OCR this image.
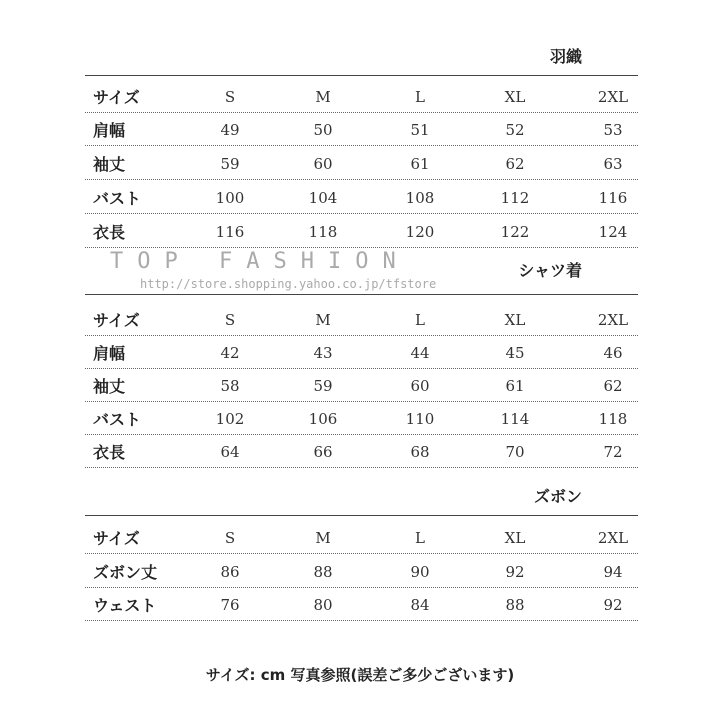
羽織
サイズ	S	M	L	XL	2XL
肩幅	49	50	51	52	53
袖丈	59	60	61	62	63
バスト	100	104	108	112	116
衣長	116	118	120	122	124
シャツ着
サイズ	S	M	L	XL	2XL
肩幅	42	43	44	45	46
袖丈	58	59	60	61	62
バスト	102	106	110	114	118
衣長	64	66	68	70	72
ズボン
サイズ	S	M	L	XL	2XL
ズボン丈	86	88	90	92	94
ウェスト	76	80	84	88	92
TOP FASHION
http://store.shopping.yahoo.co.jp/tfstore
サイズ: cm 写真参照(誤差ご多少ございます)
